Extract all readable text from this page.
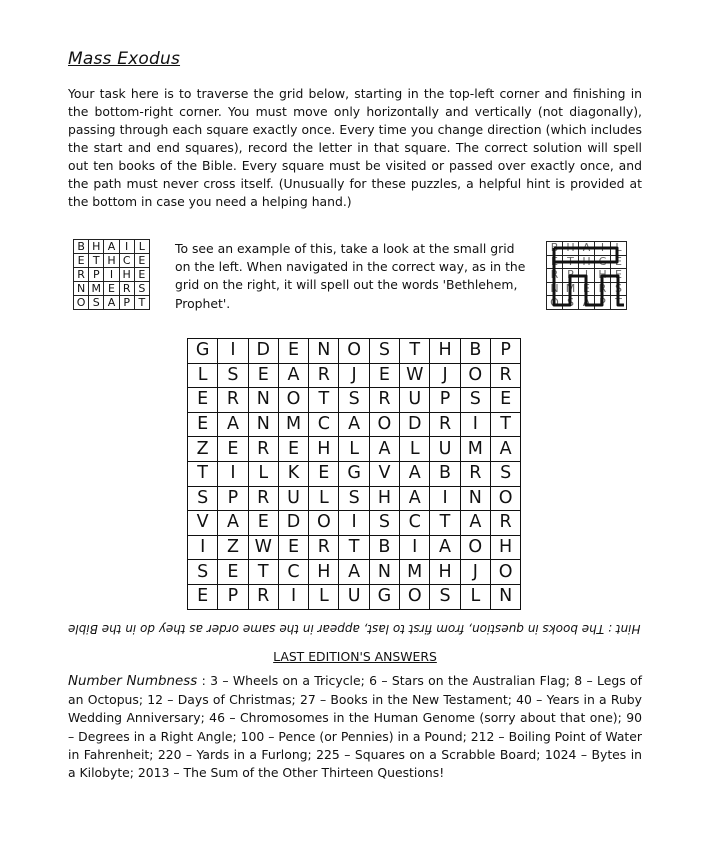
Mass Exodus
Your task here is to traverse the grid below, starting in the top-left corner and finishing in the bottom-right corner. You must move only horizontally and vertically (not diagonally), passing through each square exactly once. Every time you change direction (which includes the start and end squares), record the letter in that square. The correct solution will spell out ten books of the Bible. Every square must be visited or passed over exactly once, and the path must never cross itself. (Unusually for these puzzles, a helpful hint is provided at the bottom in case you need a helping hand.)
B	H	A	I	L
E	T	H	C	E
R	P	I	H	E
N	M	E	R	S
O	S	A	P	T
To see an example of this, take a look at the small grid on the left. When navigated in the correct way, as in the grid on the right, it will spell out the words 'Bethlehem, Prophet'.
B	H	A	I	L
E	T	H	C	E
R	P	I	H	E
N	M	E	R	S
O	S	A	P	T
G	I	D	E	N	O	S	T	H	B	P
L	S	E	A	R	J	E	W	J	O	R
E	R	N	O	T	S	R	U	P	S	E
E	A	N	M	C	A	O	D	R	I	T
Z	E	R	E	H	L	A	L	U	M	A
T	I	L	K	E	G	V	A	B	R	S
S	P	R	U	L	S	H	A	I	N	O
V	A	E	D	O	I	S	C	T	A	R
I	Z	W	E	R	T	B	I	A	O	H
S	E	T	C	H	A	N	M	H	J	O
E	P	R	I	L	U	G	O	S	L	N
Hint : The books in question, from first to last, appear in the same order as they do in the Bible
LAST EDITION'S ANSWERS
Number Numbness : 3 – Wheels on a Tricycle; 6 – Stars on the Australian Flag; 8 – Legs of an Octopus; 12 – Days of Christmas; 27 – Books in the New Testament; 40 – Years in a Ruby Wedding Anniversary; 46 – Chromosomes in the Human Genome (sorry about that one); 90 – Degrees in a Right Angle; 100 – Pence (or Pennies) in a Pound; 212 – Boiling Point of Water in Fahrenheit; 220 – Yards in a Furlong; 225 – Squares on a Scrabble Board; 1024 – Bytes in a Kilobyte; 2013 – The Sum of the Other Thirteen Questions!
